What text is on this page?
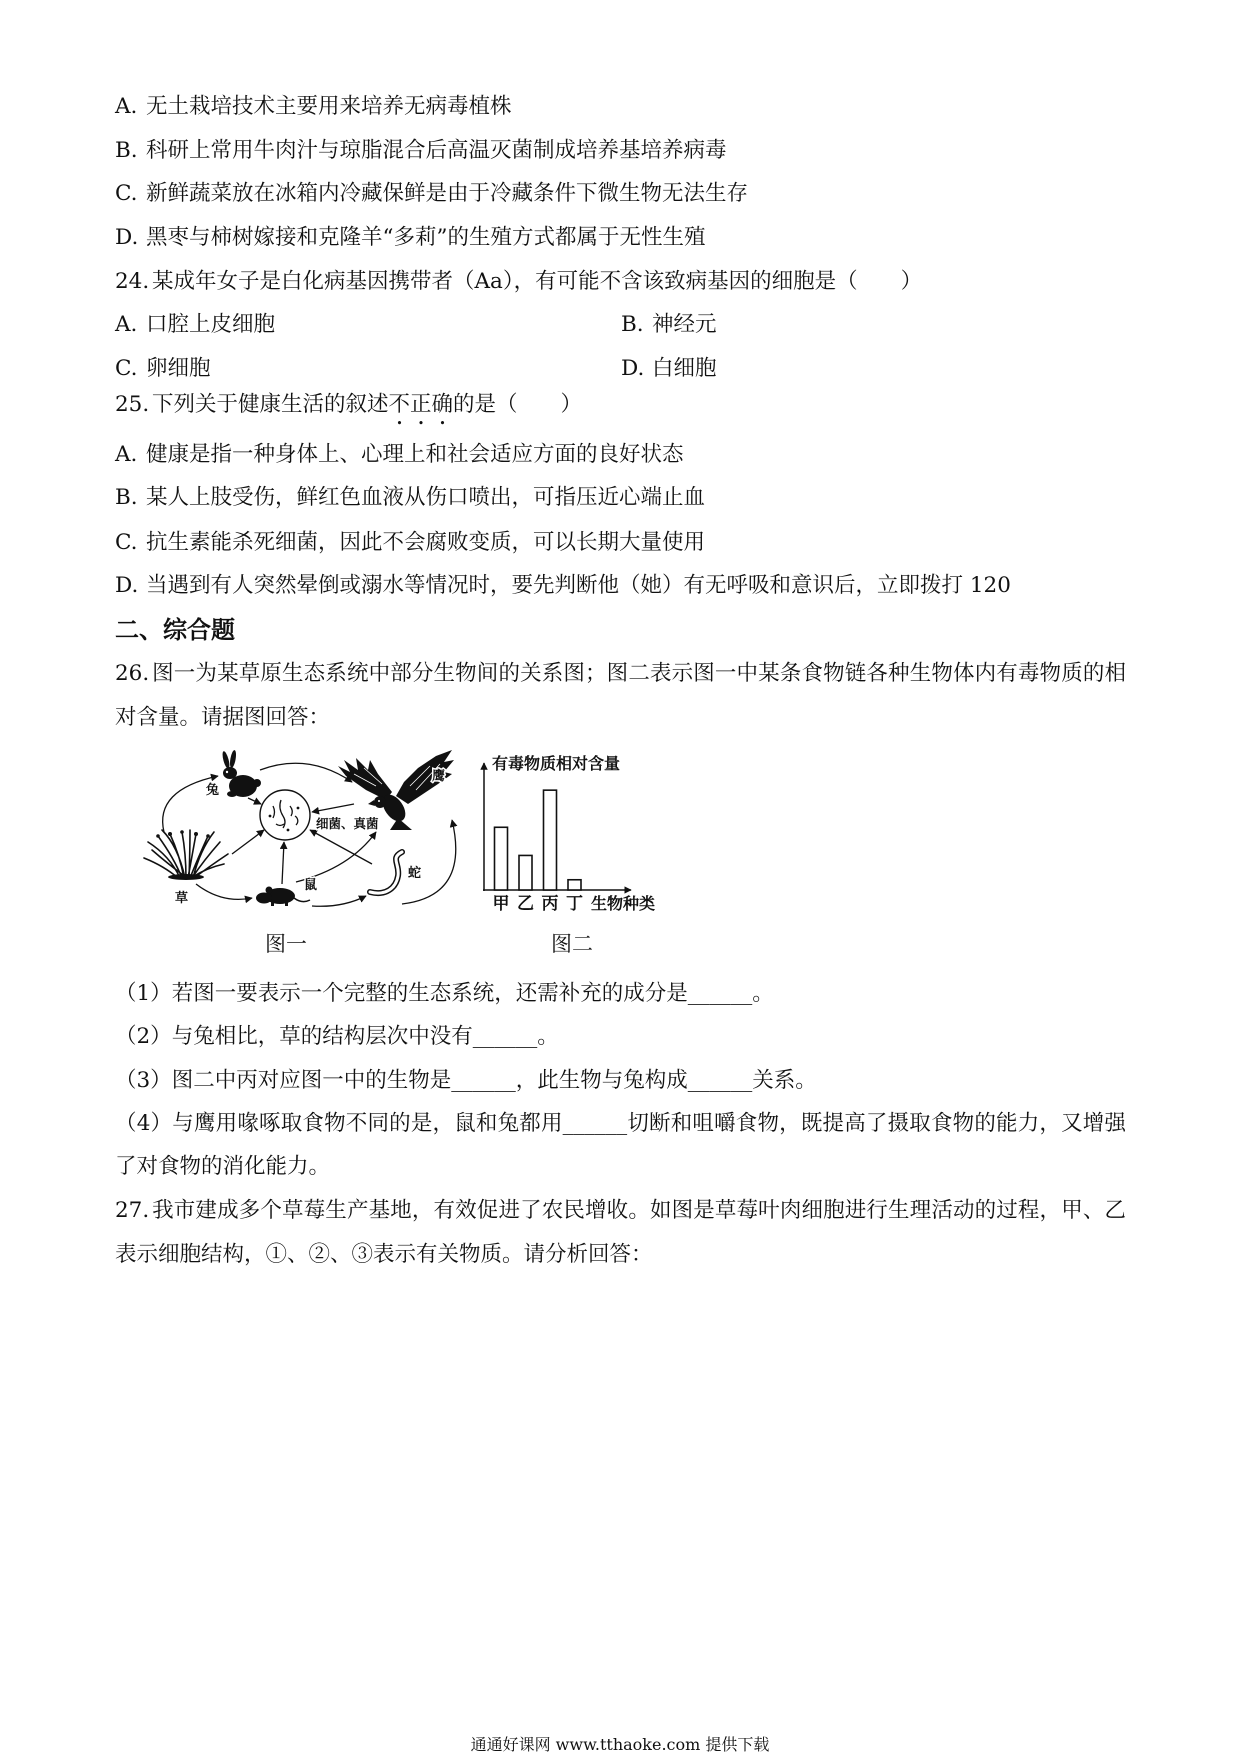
A. 无土栽培技术主要用来培养无病毒植株
B. 科研上常用牛肉汁与琼脂混合后高温灭菌制成培养基培养病毒
C. 新鲜蔬菜放在冰箱内冷藏保鲜是由于冷藏条件下微生物无法生存
D. 黑枣与柿树嫁接和克隆羊“多莉”的生殖方式都属于无性生殖
24. 某成年女子是白化病基因携带者（Aa），有可能不含该致病基因的细胞是（　　）
A. 口腔上皮细胞	B. 神经元
C. 卵细胞	D. 白细胞
25. 下列关于健康生活的叙述不正确的是（　　）
A. 健康是指一种身体上、心理上和社会适应方面的良好状态
B. 某人上肢受伤，鲜红色血液从伤口喷出，可指压近心端止血
C. 抗生素能杀死细菌，因此不会腐败变质，可以长期大量使用
D. 当遇到有人突然晕倒或溺水等情况时，要先判断他（她）有无呼吸和意识后，立即拨打 120
二、综合题
26. 图一为某草原生态系统中部分生物间的关系图；图二表示图一中某条食物链各种生物体内有毒物质的相
对含量。请据图回答：
兔
鹰
细菌、真菌
草
鼠
蛇
有毒物质相对含量
甲 乙 丙 丁 生物种类
图一	图二
（1）若图一要表示一个完整的生态系统，还需补充的成分是______。
（2）与兔相比，草的结构层次中没有______。
（3）图二中丙对应图一中的生物是______，此生物与兔构成______关系。
（4）与鹰用喙啄取食物不同的是，鼠和兔都用______切断和咀嚼食物，既提高了摄取食物的能力，又增强
了对食物的消化能力。
27. 我市建成多个草莓生产基地，有效促进了农民增收。如图是草莓叶肉细胞进行生理活动的过程，甲、乙
表示细胞结构，①、②、③表示有关物质。请分析回答：
通通好课网 www.tthaoke.com 提供下载
